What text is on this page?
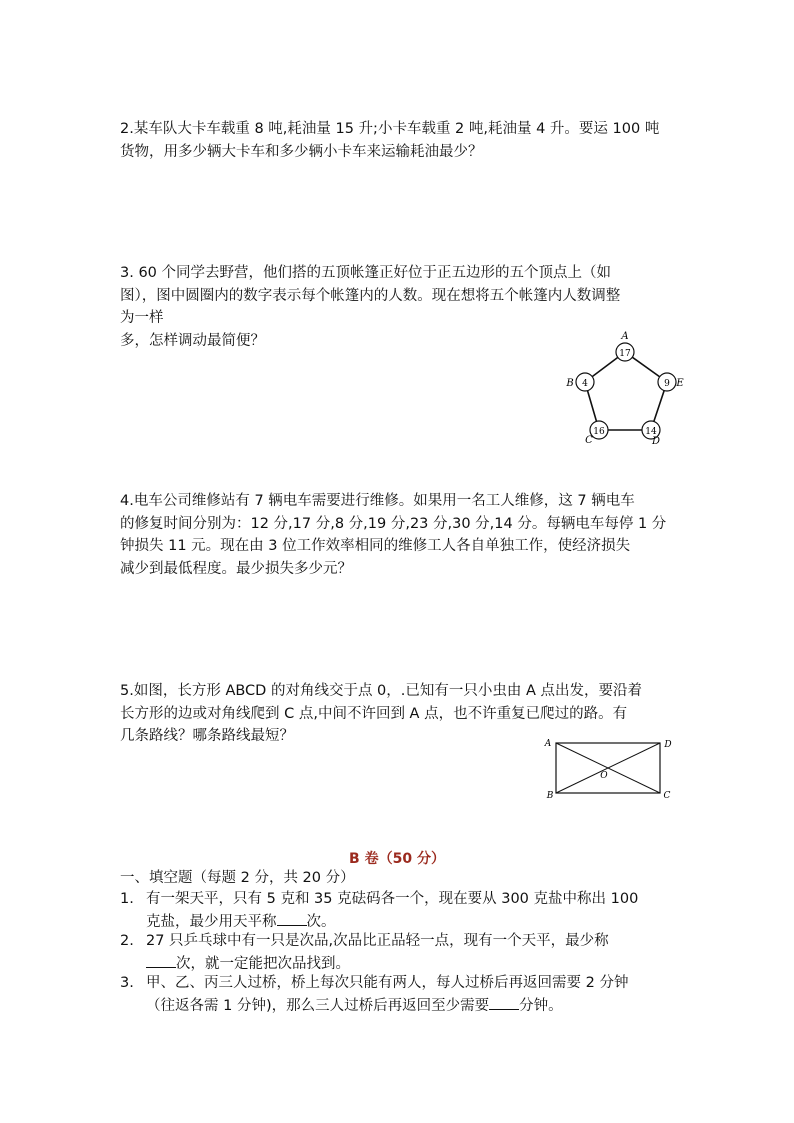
2.某车队大卡车载重 8 吨,耗油量 15 升;小卡车载重 2 吨,耗油量 4 升。要运 100 吨
货物，用多少辆大卡车和多少辆小卡车来运输耗油最少？
3. 60 个同学去野营，他们搭的五顶帐篷正好位于正五边形的五个顶点上（如
图），图中圆圈内的数字表示每个帐篷内的人数。现在想将五个帐篷内人数调整
为一样
多，怎样调动最简便？
17
A
9 E
14
D
16
C
4
B
4.电车公司维修站有 7 辆电车需要进行维修。如果用一名工人维修，这 7 辆电车
的修复时间分别为：12 分,17 分,8 分,19 分,23 分,30 分,14 分。每辆电车每停 1 分
钟损失 11 元。现在由 3 位工作效率相同的维修工人各自单独工作，使经济损失
减少到最低程度。最少损失多少元？
5.如图，长方形 ABCD 的对角线交于点 0，.已知有一只小虫由 A 点出发，要沿着
长方形的边或对角线爬到 C 点,中间不许回到 A 点，也不许重复已爬过的路。有
几条路线？哪条路线最短？	A	D
B	C
O
B 卷（50 分）
一、填空题（每题 2 分，共 20 分）
1. 有一架天平，只有 5 克和 35 克砝码各一个，现在要从 300 克盐中称出 100
克盐，最少用天平称 次。
2. 27 只乒乓球中有一只是次品,次品比正品轻一点，现有一个天平，最少称
次，就一定能把次品找到。
3. 甲、乙、丙三人过桥，桥上每次只能有两人，每人过桥后再返回需要 2 分钟
（往返各需 1 分钟)，那么三人过桥后再返回至少需要 分钟。
